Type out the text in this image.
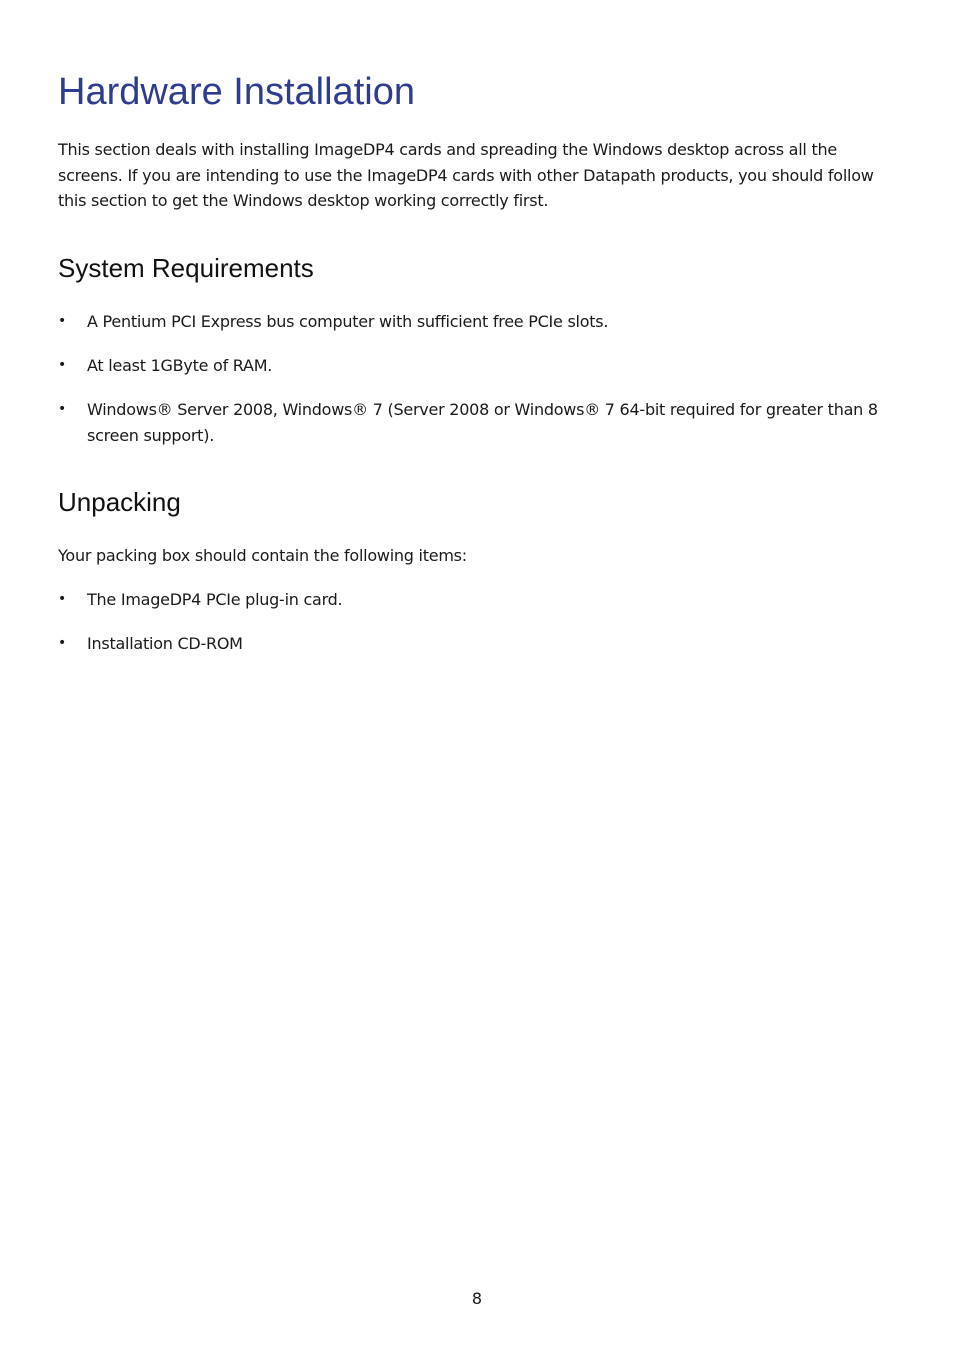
Hardware Installation

This section deals with installing ImageDP4 cards and spreading the Windows desktop across all the screens. If you are intending to use the ImageDP4 cards with other Datapath products, you should follow this section to get the Windows desktop working correctly first.

System Requirements
• A Pentium PCI Express bus computer with sufficient free PCIe slots.
• At least 1GByte of RAM.
• Windows® Server 2008, Windows® 7 (Server 2008 or Windows® 7 64-bit required for greater than 8 screen support).
Unpacking

Your packing box should contain the following items:

• The ImageDP4 PCIe plug-in card.
• Installation CD-ROM
8
